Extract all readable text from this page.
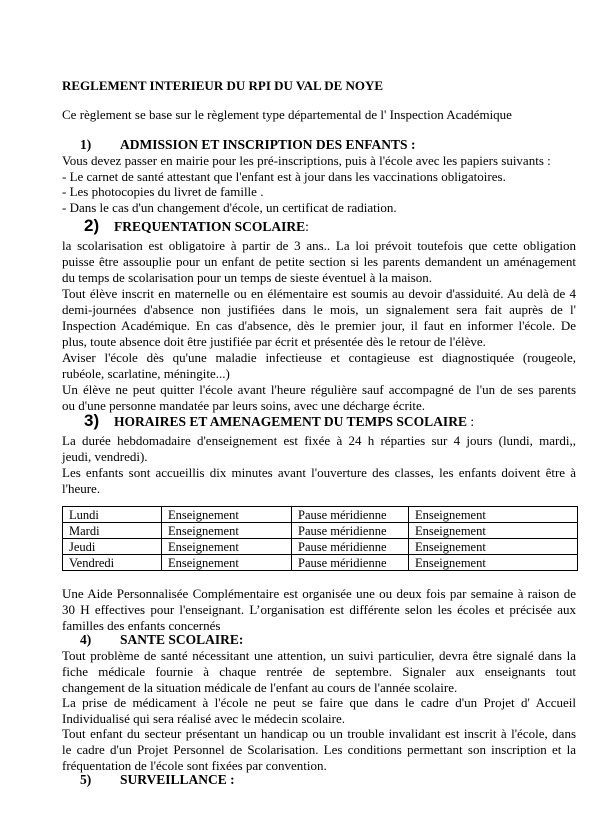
REGLEMENT INTERIEUR DU RPI DU VAL DE NOYE
Ce règlement se base sur le règlement type départemental de l' Inspection Académique
1) ADMISSION ET INSCRIPTION DES ENFANTS :
Vous devez passer en mairie pour les pré-inscriptions, puis à l'école avec les papiers suivants :
- Le carnet de santé attestant que l'enfant est à jour dans les vaccinations obligatoires.
- Les photocopies du livret de famille .
- Dans le cas d'un changement d'école, un certificat de radiation.
2) FREQUENTATION SCOLAIRE:
la scolarisation est obligatoire à partir de 3 ans.. La loi prévoit toutefois que cette obligation
puisse être assouplie pour un enfant de petite section si les parents demandent un aménagement
du temps de scolarisation pour un temps de sieste éventuel à la maison.
Tout élève inscrit en maternelle ou en élémentaire est soumis au devoir d'assiduité. Au delà de 4
demi-journées d'absence non justifiées dans le mois, un signalement sera fait auprès de l'
Inspection Académique. En cas d'absence, dès le premier jour, il faut en informer l'école. De
plus, toute absence doit être justifiée par écrit et présentée dès le retour de l'élève.
Aviser l'école dès qu'une maladie infectieuse et contagieuse est diagnostiquée (rougeole,
rubéole, scarlatine, méningite...)
Un élève ne peut quitter l'école avant l'heure régulière sauf accompagné de l'un de ses parents
ou d'une personne mandatée par leurs soins, avec une décharge écrite.
3) HORAIRES ET AMENAGEMENT DU TEMPS SCOLAIRE :
La durée hebdomadaire d'enseignement est fixée à 24 h réparties sur 4 jours (lundi, mardi,,
jeudi, vendredi).
Les enfants sont accueillis dix minutes avant l'ouverture des classes, les enfants doivent être à
l'heure.
Lundi	Enseignement	Pause méridienne	Enseignement
Mardi	Enseignement	Pause méridienne	Enseignement
Jeudi	Enseignement	Pause méridienne	Enseignement
Vendredi	Enseignement	Pause méridienne	Enseignement
Une Aide Personnalisée Complémentaire est organisée une ou deux fois par semaine à raison de
30 H effectives pour l'enseignant. L’organisation est différente selon les écoles et précisée aux
familles des enfants concernés
4) SANTE SCOLAIRE:
Tout problème de santé nécessitant une attention, un suivi particulier, devra être signalé dans la
fiche médicale fournie à chaque rentrée de septembre. Signaler aux enseignants tout
changement de la situation médicale de l'enfant au cours de l'année scolaire.
La prise de médicament à l'école ne peut se faire que dans le cadre d'un Projet d' Accueil
Individualisé qui sera réalisé avec le médecin scolaire.
Tout enfant du secteur présentant un handicap ou un trouble invalidant est inscrit à l'école, dans
le cadre d'un Projet Personnel de Scolarisation. Les conditions permettant son inscription et la
fréquentation de l'école sont fixées par convention.
5) SURVEILLANCE :
